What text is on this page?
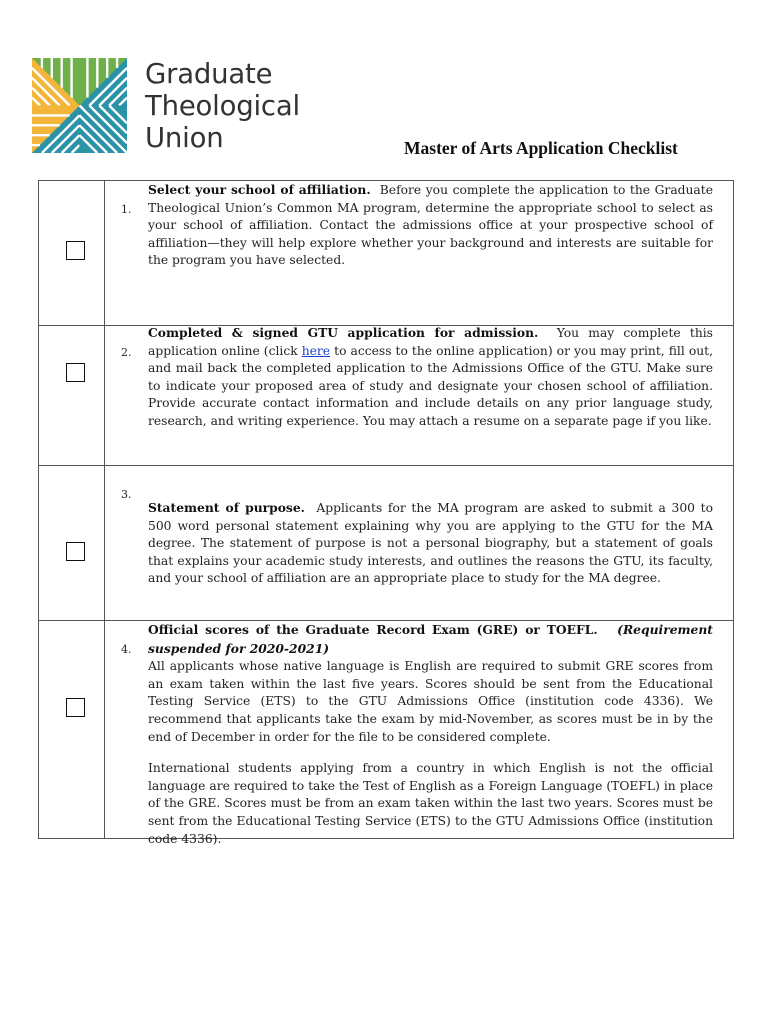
Graduate
Theological
Union	Master of Arts Application Checklist

	1.
Select your school of affiliation. Before you complete the application to the Graduate Theological Union’s Common MA program, determine the appropriate school to select as your school of affiliation. Contact the admissions office at your prospective school of affiliation—they will help explore whether your background and interests are suitable for the program you have selected.

	2.
Completed & signed GTU application for admission. You may complete this application online (click here to access to the online application) or you may print, fill out, and mail back the completed application to the Admissions Office of the GTU. Make sure to indicate your proposed area of study and designate your chosen school of affiliation. Provide accurate contact information and include details on any prior language study, research, and writing experience. You may attach a resume on a separate page if you like.

	3.
Statement of purpose. Applicants for the MA program are asked to submit a 300 to 500 word personal statement explaining why you are applying to the GTU for the MA degree. The statement of purpose is not a personal biography, but a statement of goals that explains your academic study interests, and outlines the reasons the GTU, its faculty, and your school of affiliation are an appropriate place to study for the MA degree.

	4.
Official scores of the Graduate Record Exam (GRE) or TOEFL. (Requirement suspended for 2020-2021)
All applicants whose native language is English are required to submit GRE scores from an exam taken within the last five years. Scores should be sent from the Educational Testing Service (ETS) to the GTU Admissions Office (institution code 4336). We recommend that applicants take the exam by mid-November, as scores must be in by the end of December in order for the file to be considered complete.
International students applying from a country in which English is not the official language are required to take the Test of English as a Foreign Language (TOEFL) in place of the GRE. Scores must be from an exam taken within the last two years. Scores must be sent from the Educational Testing Service (ETS) to the GTU Admissions Office (institution code 4336).
